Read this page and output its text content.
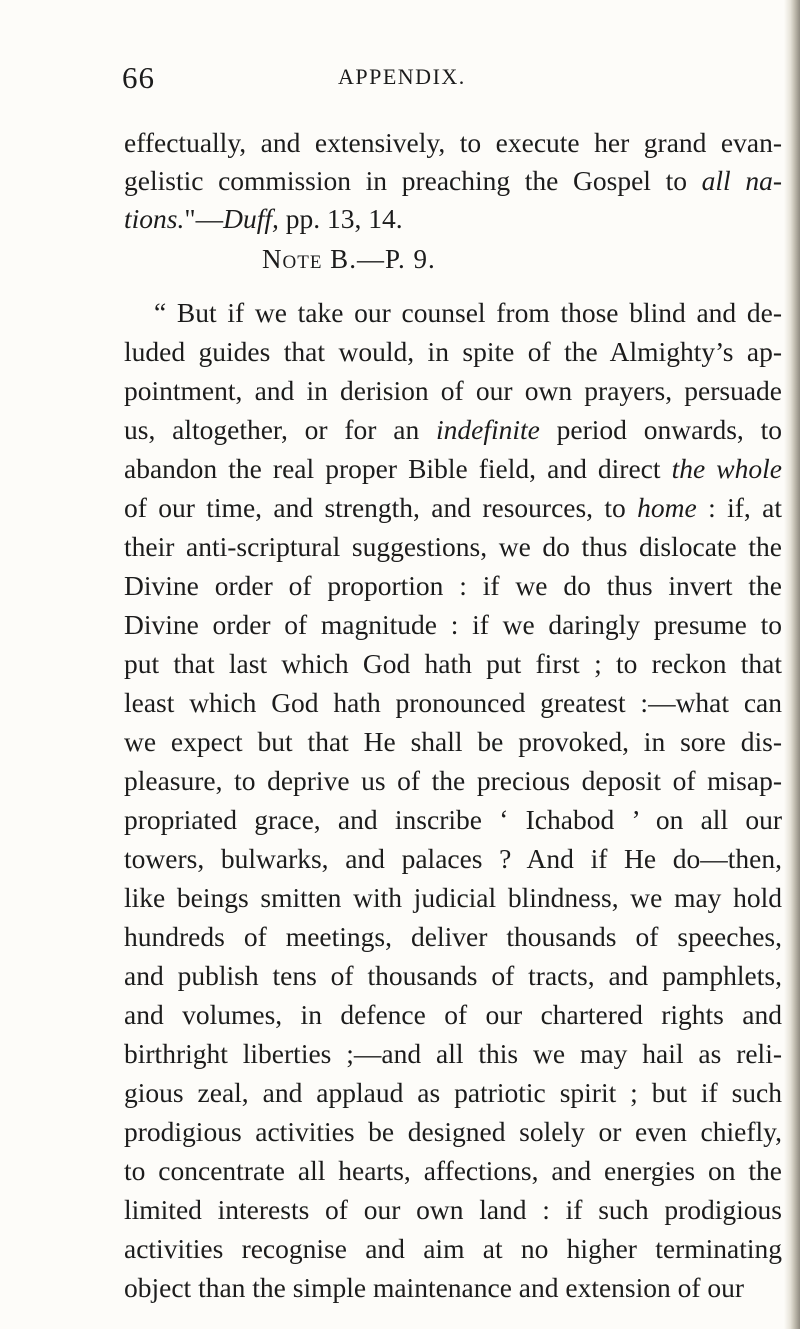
66	APPENDIX.
effectually, and extensively, to execute her grand evan-
gelistic commission in preaching the Gospel to all na-
tions."—Duff, pp. 13, 14.
Note B.—P. 9.
“ But if we take our counsel from those blind and de-
luded guides that would, in spite of the Almighty’s ap-
pointment, and in derision of our own prayers, persuade
us, altogether, or for an indefinite period onwards, to
abandon the real proper Bible field, and direct the whole
of our time, and strength, and resources, to home : if, at
their anti-scriptural suggestions, we do thus dislocate the
Divine order of proportion : if we do thus invert the
Divine order of magnitude : if we daringly presume to
put that last which God hath put first ; to reckon that
least which God hath pronounced greatest :—what can
we expect but that He shall be provoked, in sore dis-
pleasure, to deprive us of the precious deposit of misap-
propriated grace, and inscribe ‘ Ichabod ’ on all our
towers, bulwarks, and palaces ? And if He do—then,
like beings smitten with judicial blindness, we may hold
hundreds of meetings, deliver thousands of speeches,
and publish tens of thousands of tracts, and pamphlets,
and volumes, in defence of our chartered rights and
birthright liberties ;—and all this we may hail as reli-
gious zeal, and applaud as patriotic spirit ; but if such
prodigious activities be designed solely or even chiefly,
to concentrate all hearts, affections, and energies on the
limited interests of our own land : if such prodigious
activities recognise and aim at no higher terminating
object than the simple maintenance and extension of our
